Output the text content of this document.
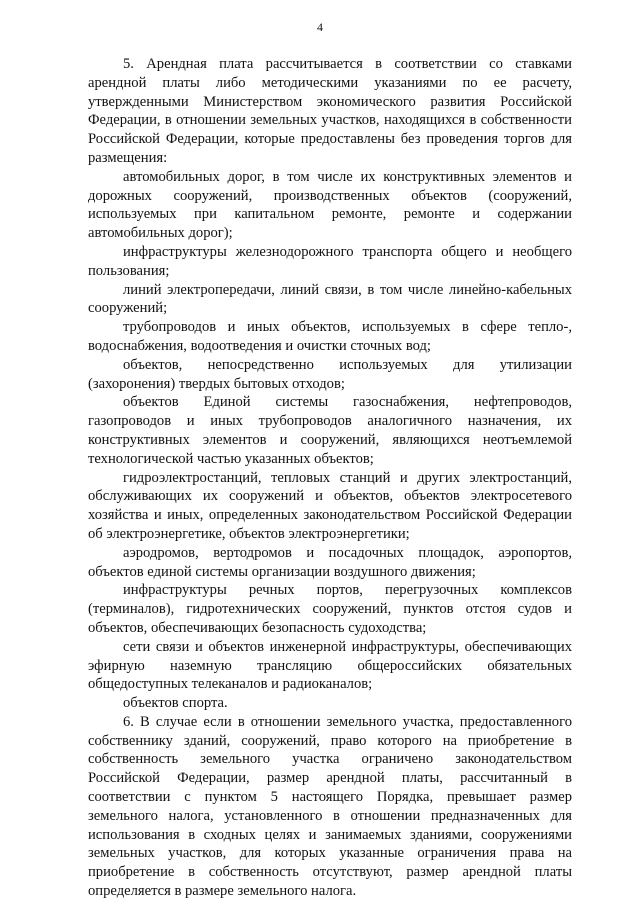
4

5. Арендная плата рассчитывается в соответствии со ставками арендной платы либо методическими указаниями по ее расчету, утвержденными Министерством экономического развития Российской Федерации, в отношении земельных участков, находящихся в собственности Российской Федерации, которые предоставлены без проведения торгов для размещения:

автомобильных дорог, в том числе их конструктивных элементов и дорожных сооружений, производственных объектов (сооружений, используемых при капитальном ремонте, ремонте и содержании автомобильных дорог);

инфраструктуры железнодорожного транспорта общего и необщего пользования;

линий электропередачи, линий связи, в том числе линейно-кабельных сооружений;

трубопроводов и иных объектов, используемых в сфере тепло-, водоснабжения, водоотведения и очистки сточных вод;

объектов, непосредственно используемых для утилизации (захоронения) твердых бытовых отходов;

объектов Единой системы газоснабжения, нефтепроводов, газопроводов и иных трубопроводов аналогичного назначения, их конструктивных элементов и сооружений, являющихся неотъемлемой технологической частью указанных объектов;

гидроэлектростанций, тепловых станций и других электростанций, обслуживающих их сооружений и объектов, объектов электросетевого хозяйства и иных, определенных законодательством Российской Федерации об электроэнергетике, объектов электроэнергетики;

аэродромов, вертодромов и посадочных площадок, аэропортов, объектов единой системы организации воздушного движения;

инфраструктуры речных портов, перегрузочных комплексов (терминалов), гидротехнических сооружений, пунктов отстоя судов и объектов, обеспечивающих безопасность судоходства;

сети связи и объектов инженерной инфраструктуры, обеспечивающих эфирную наземную трансляцию общероссийских обязательных общедоступных телеканалов и радиоканалов;

объектов спорта.

6. В случае если в отношении земельного участка, предоставленного собственнику зданий, сооружений, право которого на приобретение в собственность земельного участка ограничено законодательством Российской Федерации, размер арендной платы, рассчитанный в соответствии с пунктом 5 настоящего Порядка, превышает размер земельного налога, установленного в отношении предназначенных для использования в сходных целях и занимаемых зданиями, сооружениями земельных участков, для которых указанные ограничения права на приобретение в собственность отсутствуют, размер арендной платы определяется в размере земельного налога.
